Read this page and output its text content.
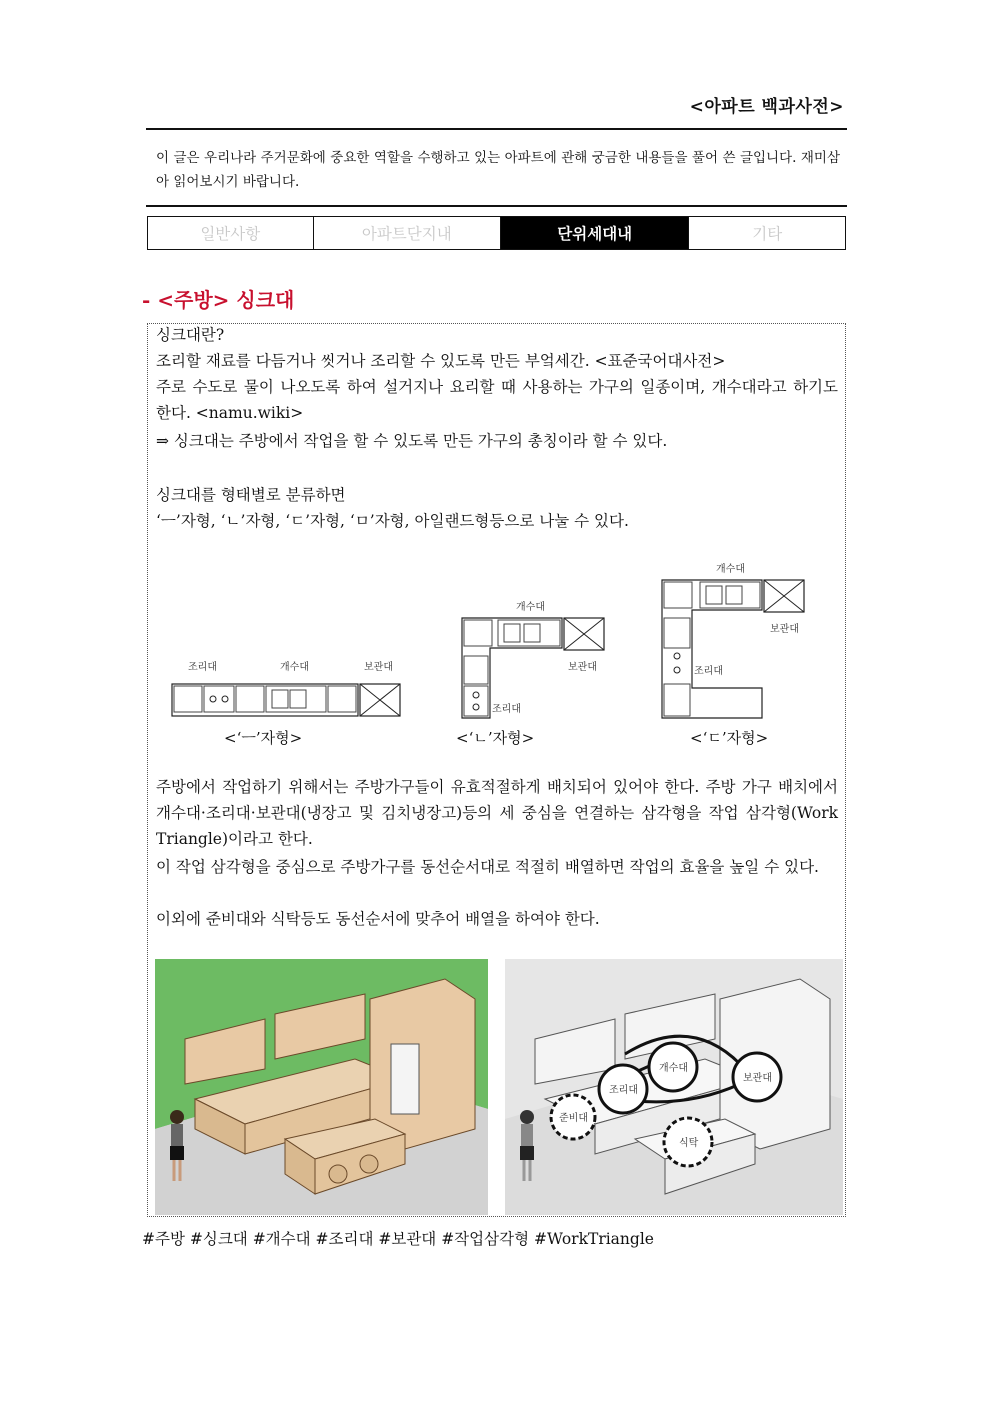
<아파트 백과사전>
이 글은 우리나라 주거문화에 중요한 역할을 수행하고 있는 아파트에 관해 궁금한 내용들을 풀어 쓴 글입니다. 재미삼아 읽어보시기 바랍니다.
일반사항	아파트단지내	단위세대내	기타
- <주방> 싱크대
싱크대란?
조리할 재료를 다듬거나 씻거나 조리할 수 있도록 만든 부엌세간. <표준국어대사전>
주로 수도로 물이 나오도록 하여 설거지나 요리할 때 사용하는 가구의 일종이며, 개수대라고 하기도 한다. <namu.wiki>
⇒ 싱크대는 주방에서 작업을 할 수 있도록 만든 가구의 총칭이라 할 수 있다.
싱크대를 형태별로 분류하면
‘ㅡ’자형, ‘ㄴ’자형, ‘ㄷ’자형, ‘ㅁ’자형, 아일랜드형등으로 나눌 수 있다.
조리대	개수대	보관대
<‘ㅡ’자형>
개수대
보관대
조리대
<‘ㄴ’자형>
개수대
보관대
조리대
<‘ㄷ’자형>
주방에서 작업하기 위해서는 주방가구들이 유효적절하게 배치되어 있어야 한다. 주방 가구 배치에서 개수대·조리대·보관대(냉장고 및 김치냉장고)등의 세 중심을 연결하는 삼각형을 작업 삼각형(Work Triangle)이라고 한다.
이 작업 삼각형을 중심으로 주방가구를 동선순서대로 적절히 배열하면 작업의 효율을 높일 수 있다.
이외에 준비대와 식탁등도 동선순서에 맞추어 배열을 하여야 한다.
조리대
개수대
보관대
준비대
식탁
#주방 #싱크대 #개수대 #조리대 #보관대 #작업삼각형 #WorkTriangle
